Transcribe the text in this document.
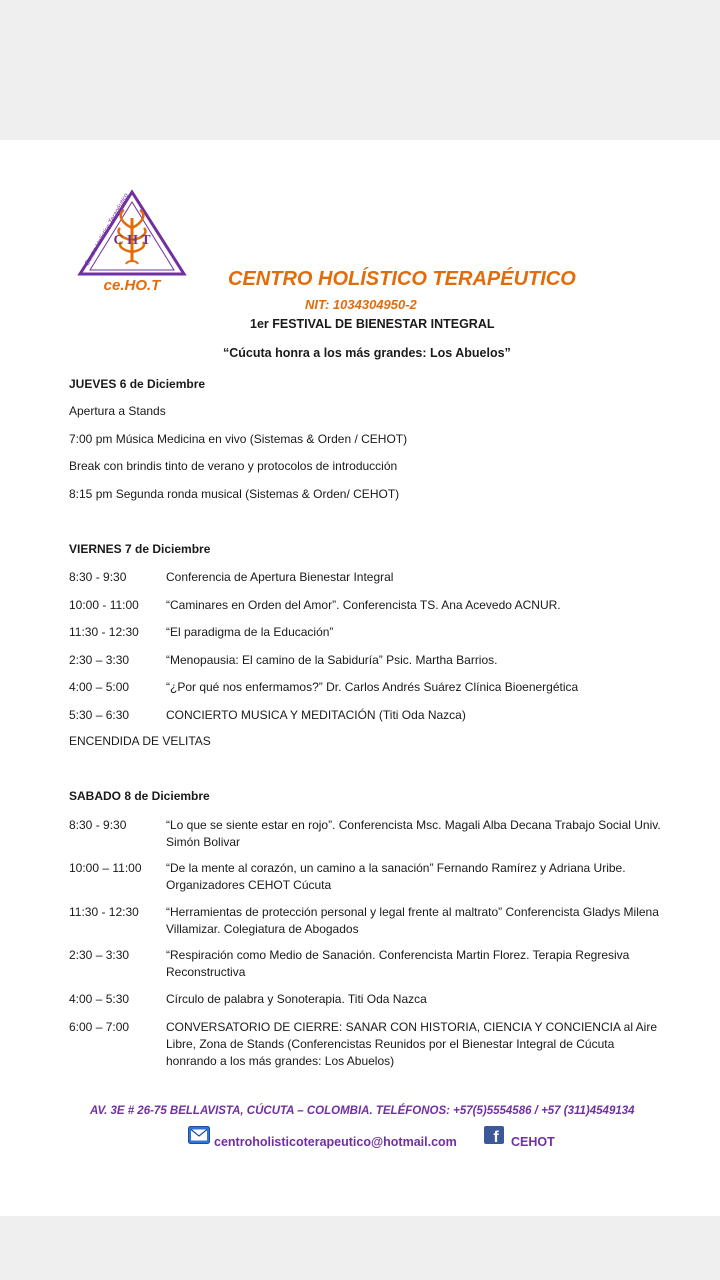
Centro Holístico Terapéutico
C H T
ce.HO.T	CENTRO HOLÍSTICO TERAPÉUTICO
NIT: 1034304950-2
1er FESTIVAL DE BIENESTAR INTEGRAL
“Cúcuta honra a los más grandes: Los Abuelos”
JUEVES 6 de Diciembre
Apertura a Stands
7:00 pm Música Medicina en vivo (Sistemas & Orden / CEHOT)
Break con brindis tinto de verano y protocolos de introducción
8:15 pm Segunda ronda musical (Sistemas & Orden/ CEHOT)
VIERNES 7 de Diciembre
8:30 - 9:30	Conferencia de Apertura Bienestar Integral
10:00 - 11:00 “Caminares en Orden del Amor”. Conferencista TS. Ana Acevedo ACNUR.
11:30 - 12:30 “El paradigma de la Educación”
2:30 – 3:30	“Menopausia: El camino de la Sabiduría” Psic. Martha Barrios.
4:00 – 5:00	“¿Por qué nos enfermamos?” Dr. Carlos Andrés Suárez Clínica Bioenergética
5:30 – 6:30	CONCIERTO MUSICA Y MEDITACIÓN (Titi Oda Nazca)
ENCENDIDA DE VELITAS
SABADO 8 de Diciembre
8:30 - 9:30	“Lo que se siente estar en rojo”. Conferencista Msc. Magali Alba Decana Trabajo Social Univ. Simón Bolivar
10:00 – 11:00 “De la mente al corazón, un camino a la sanación” Fernando Ramírez y Adriana Uribe. Organizadores CEHOT Cúcuta
11:30 - 12:30 “Herramientas de protección personal y legal frente al maltrato” Conferencista Gladys Milena Villamizar. Colegiatura de Abogados
2:30 – 3:30	“Respiración como Medio de Sanación. Conferencista Martin Florez. Terapia Regresiva Reconstructiva
4:00 – 5:30	Círculo de palabra y Sonoterapia. Titi Oda Nazca
6:00 – 7:00	CONVERSATORIO DE CIERRE: SANAR CON HISTORIA, CIENCIA Y CONCIENCIA al Aire Libre, Zona de Stands (Conferencistas Reunidos por el Bienestar Integral de Cúcuta honrando a los más grandes: Los Abuelos)
AV. 3E # 26-75 BELLAVISTA, CÚCUTA – COLOMBIA. TELÉFONOS: +57(5)5554586 / +57 (311)4549134
centroholisticoterapeutico@hotmail.com f CEHOT
